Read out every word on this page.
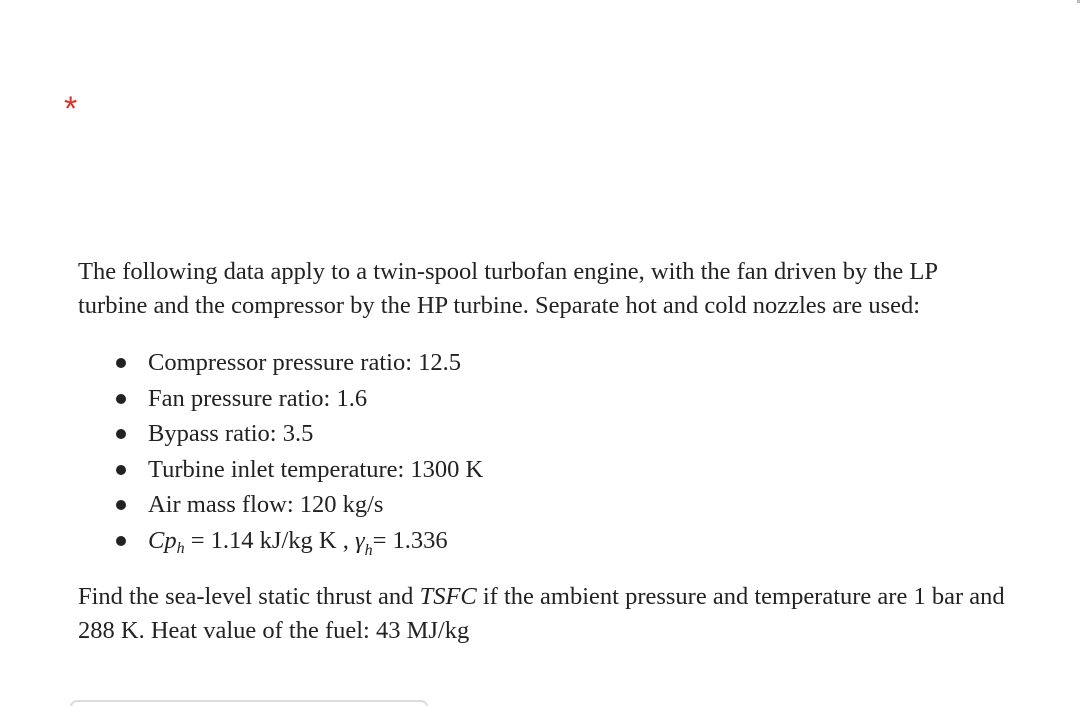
*

The following data apply to a twin-spool turbofan engine, with the fan driven by the LP turbine and the compressor by the HP turbine. Separate hot and cold nozzles are used:

Compressor pressure ratio: 12.5
Fan pressure ratio: 1.6
Bypass ratio: 3.5
Turbine inlet temperature: 1300 K
Air mass flow: 120 kg/s
$Cp_h = 1.14$ kJ/kg K , $\gamma_h= 1.336$

Find the sea-level static thrust and TSFC if the ambient pressure and temperature are 1 bar and 288 K. Heat value of the fuel: 43 MJ/kg
